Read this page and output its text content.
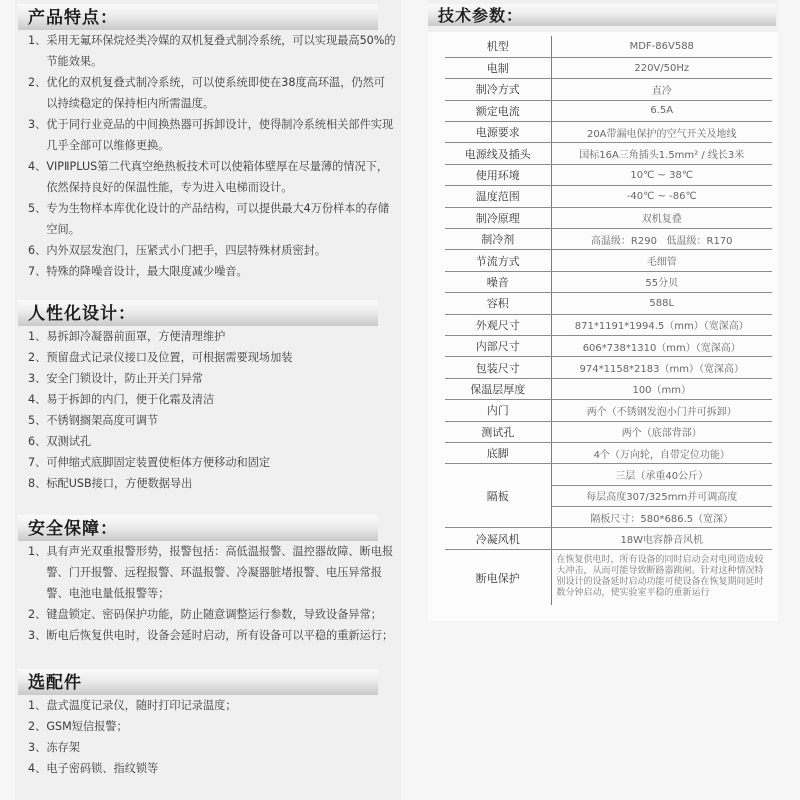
产品特点：
1、 采用无氟环保烷烃类冷媒的双机复叠式制冷系统，可以实现最高50%的节能效果。
2、 优化的双机复叠式制冷系统，可以使系统即使在38度高环温，仍然可以持续稳定的保持柜内所需温度。
3、 优于同行业竞品的中间换热器可拆卸设计，使得制冷系统相关部件实现几乎全部可以维修更换。
4、 VIPⅡPLUS第二代真空绝热板技术可以使箱体壁厚在尽量薄的情况下，依然保持良好的保温性能，专为进入电梯而设计。
5、 专为生物样本库优化设计的产品结构，可以提供最大4万份样本的存储空间。
6、 内外双层发泡门，压紧式小门把手，四层特殊材质密封。
7、 特殊的降噪音设计，最大限度减少噪音。
人性化设计：
1、 易拆卸冷凝器前面罩，方便清理维护
2、 预留盘式记录仪接口及位置，可根据需要现场加装
3、 安全门锁设计，防止开关门异常
4、 易于拆卸的内门，便于化霜及清洁
5、 不锈钢搁架高度可调节
6、 双测试孔
7、 可伸缩式底脚固定装置使柜体方便移动和固定
8、 标配USB接口，方便数据导出
安全保障：
1、 具有声光双重报警形势，报警包括：高低温报警、温控器故障、断电报警、门开报警、远程报警、环温报警、冷凝器脏堵报警、电压异常报警、电池电量低报警等；
2、 键盘锁定、密码保护功能，防止随意调整运行参数，导致设备异常；
3、 断电后恢复供电时，设备会延时启动，所有设备可以平稳的重新运行；
选配件
1、 盘式温度记录仪，随时打印记录温度；
2、 GSM短信报警；
3、 冻存架
4、 电子密码锁、指纹锁等
技术参数：
机型	MDF-86V588
电制	220V/50Hz
制冷方式	直冷
额定电流	6.5A
电源要求	20A带漏电保护的空气开关及地线
电源线及插头	国标16A三角插头1.5mm² / 线长3米
使用环境	10℃ ~ 38℃
温度范围	-40℃ ~ -86℃
制冷原理	双机复叠
制冷剂	高温级：R290   低温级：R170
节流方式	毛细管
噪音	55分贝
容积	588L
外观尺寸	871*1191*1994.5（mm）（宽深高）
内部尺寸	606*738*1310（mm）（宽深高）
包装尺寸	974*1158*2183（mm）（宽深高）
保温层厚度	100（mm）
内门	两个（不锈钢发泡小门并可拆卸）
测试孔	两个（底部背部）
底脚	4个（万向轮，自带定位功能）
隔板	三层（承重40公斤）
	每层高度307/325mm并可调高度
	隔板尺寸：580*686.5（宽深）
冷凝风机	18W电容静音风机
断电保护	在恢复供电时，所有设备的同时启动会对电网造成较大冲击，从而可能导致断路器跳闸。针对这种情况特别设计的设备延时启动功能可使设备在恢复期间延时数分钟启动，使实验室平稳的重新运行
